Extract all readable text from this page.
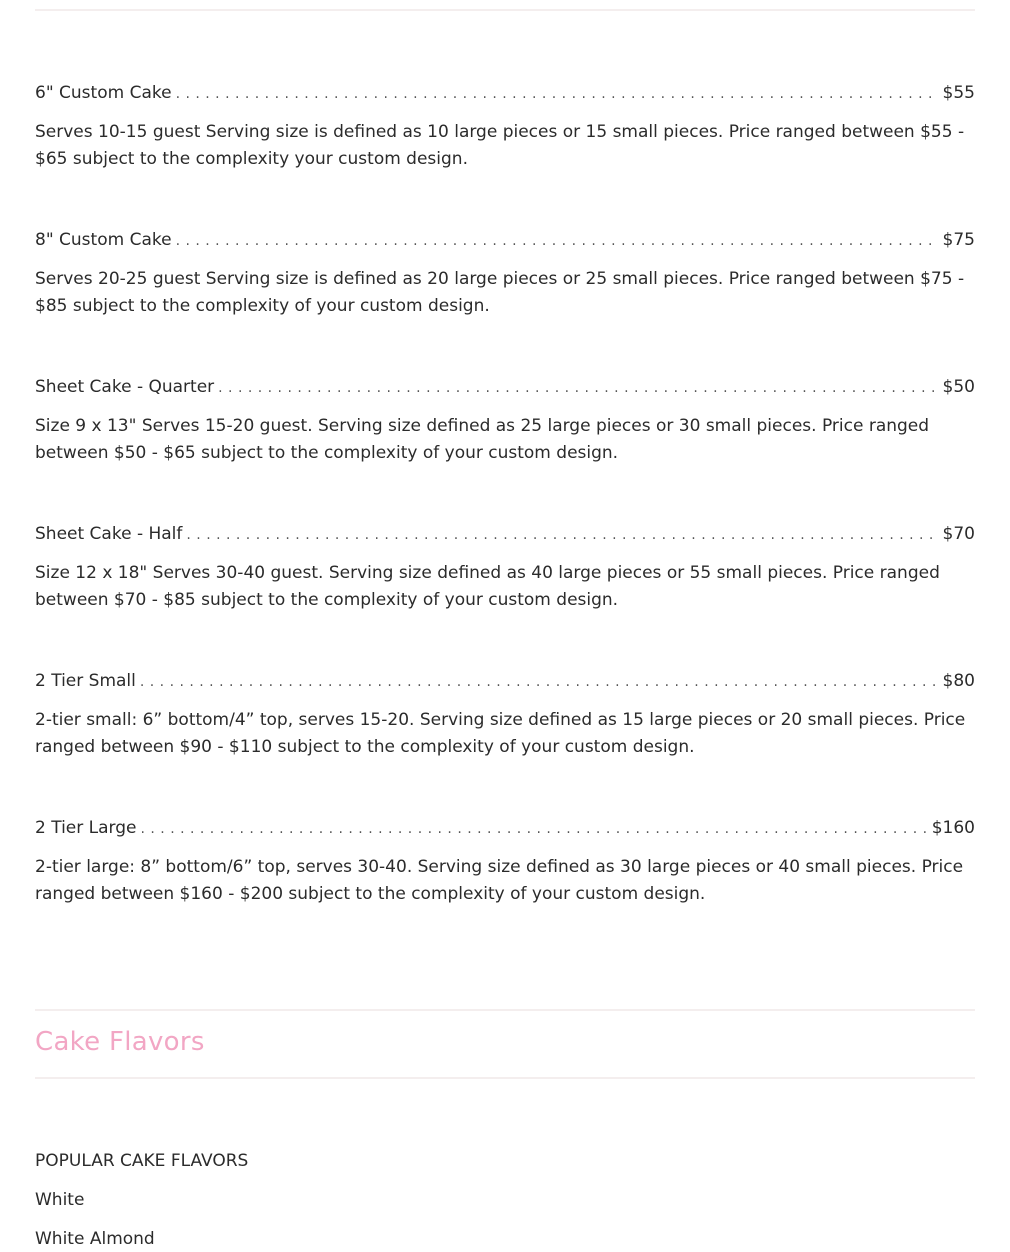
6" Custom Cake . . .	$55
Serves 10-15 guest Serving size is defined as 10 large pieces or 15 small pieces. Price ranged between $55 - $65 subject to the complexity your custom design.
8" Custom Cake . . .	$75
Serves 20-25 guest Serving size is defined as 20 large pieces or 25 small pieces. Price ranged between $75 - $85 subject to the complexity of your custom design.
Sheet Cake - Quarter . . .	$50
Size 9 x 13" Serves 15-20 guest. Serving size defined as 25 large pieces or 30 small pieces. Price ranged between $50 - $65 subject to the complexity of your custom design.
Sheet Cake - Half . . .	$70
Size 12 x 18" Serves 30-40 guest. Serving size defined as 40 large pieces or 55 small pieces. Price ranged between $70 - $85 subject to the complexity of your custom design.
2 Tier Small . . .	$80
2-tier small: 6” bottom/4” top, serves 15-20. Serving size defined as 15 large pieces or 20 small pieces. Price ranged between $90 - $110 subject to the complexity of your custom design.
2 Tier Large . . .	$160
2-tier large: 8” bottom/6” top, serves 30-40. Serving size defined as 30 large pieces or 40 small pieces. Price ranged between $160 - $200 subject to the complexity of your custom design.
Cake Flavors
POPULAR CAKE FLAVORS
White
White Almond
